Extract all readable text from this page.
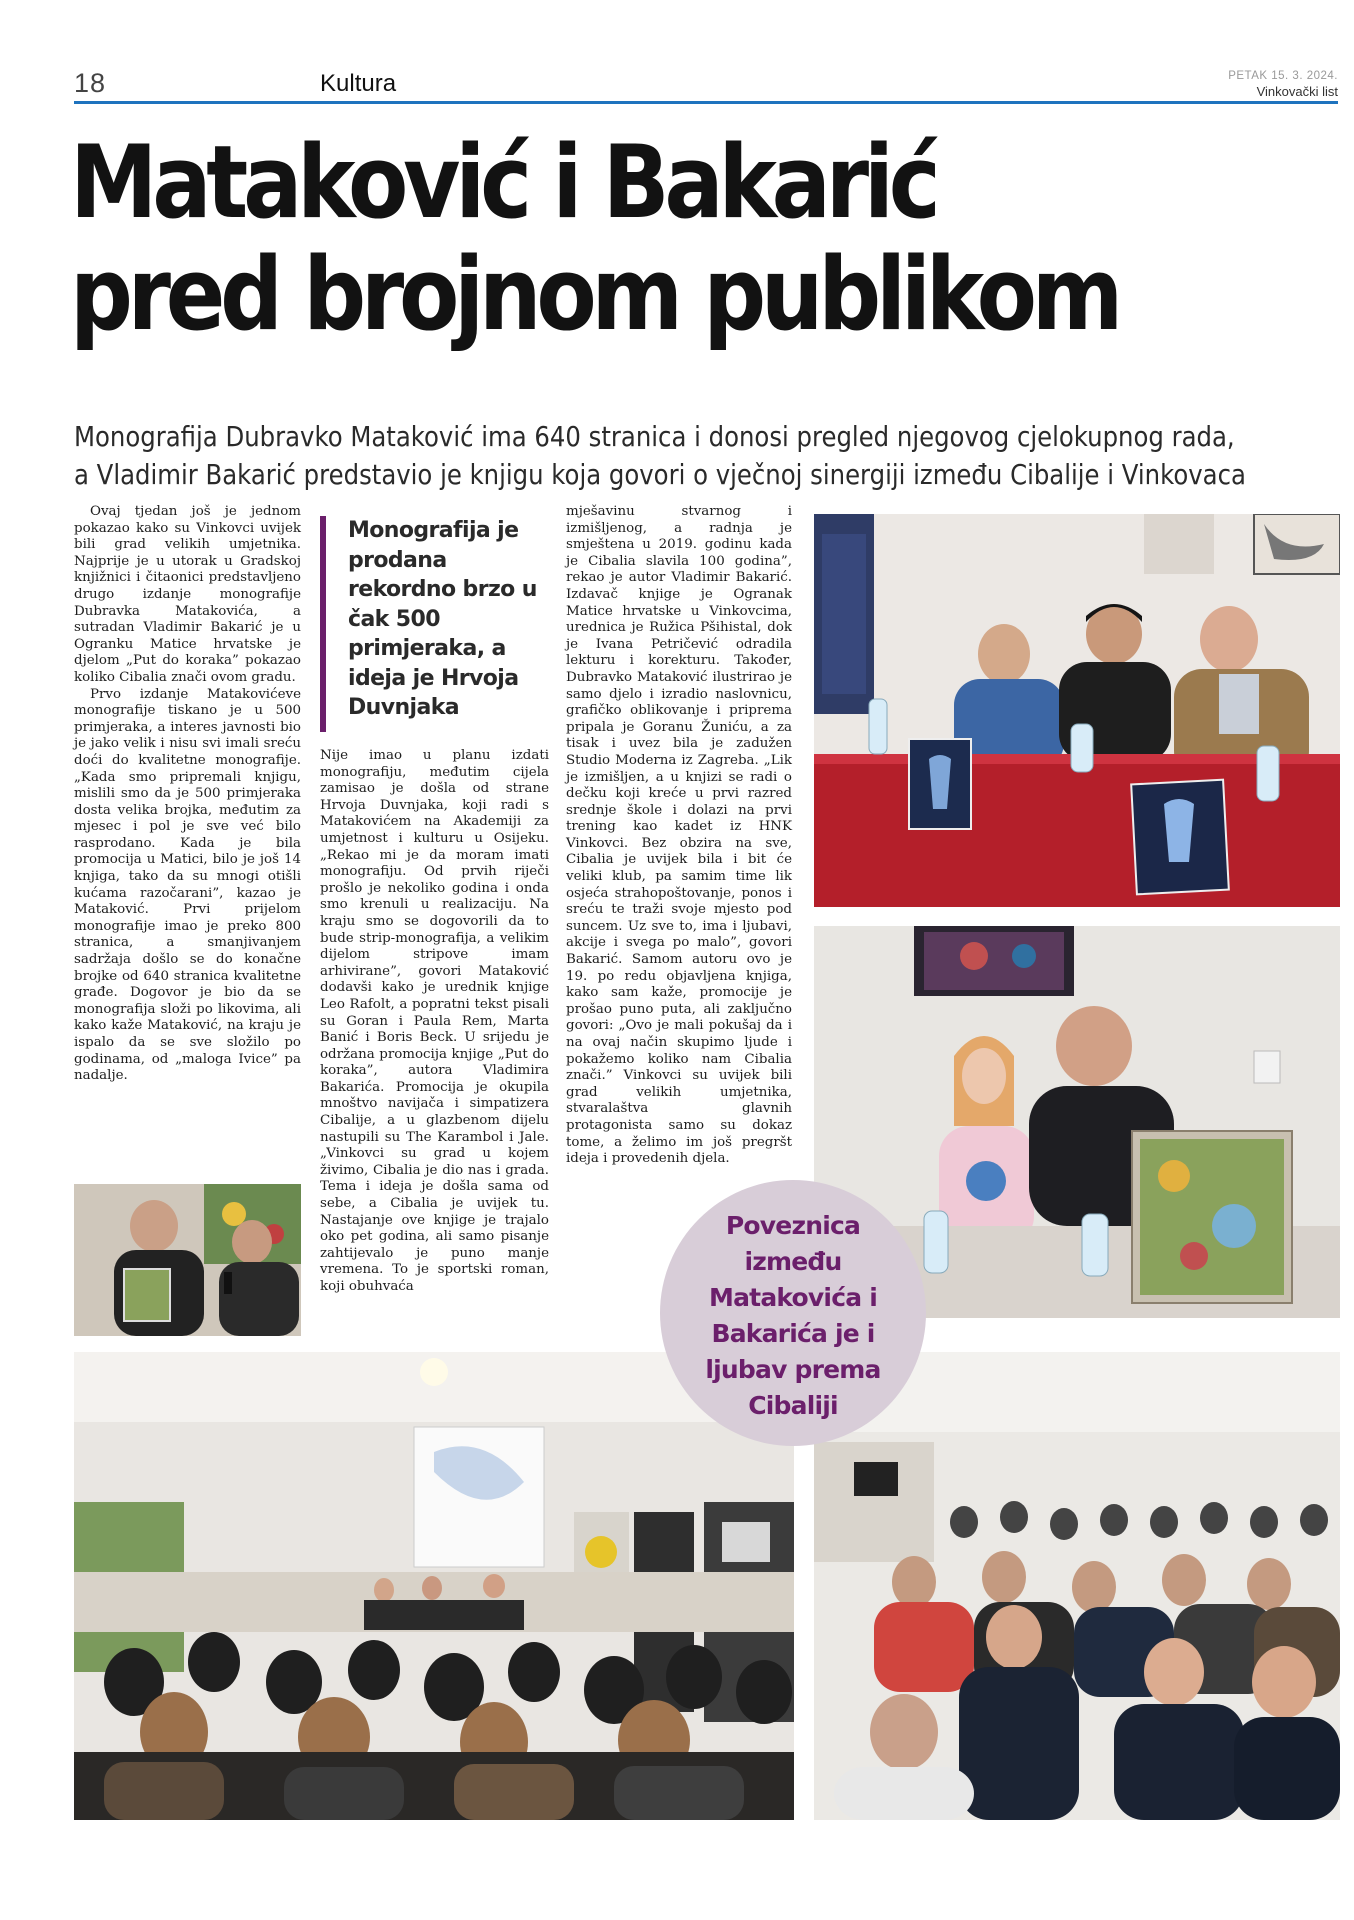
18	Kultura	PETAK 15. 3. 2024.
Vinkovački list
Mataković i Bakarić
pred brojnom publikom
Monografija Dubravko Mataković ima 640 stranica i donosi pregled njegovog cjelokupnog rada,
a Vladimir Bakarić predstavio je knjigu koja govori o vječnoj sinergiji između Cibalije i Vinkovaca

Ovaj tjedan još je jednom pokazao kako su Vinkovci uvijek bili grad velikih umjetnika. Najprije je u utorak u Gradskoj knjižnici i čitaonici predstavljeno drugo izdanje monografije Dubravka Matakovića, a sutradan Vladimir Bakarić je u Ogranku Matice hrvatske je djelom „Put do koraka” pokazao koliko Cibalia znači ovom gradu.

Prvo izdanje Matakovićeve monografije tiskano je u 500 primjeraka, a interes javnosti bio je jako velik i nisu svi imali sreću doći do kvalitetne monografije. „Kada smo pripremali knjigu, mislili smo da je 500 primjeraka dosta velika brojka, međutim za mjesec i pol je sve već bilo rasprodano. Kada je bila promocija u Matici, bilo je još 14 knjiga, tako da su mnogi otišli kućama razočarani”, kazao je Mataković. Prvi prijelom monografije imao je preko 800 stranica, a smanjivanjem sadržaja došlo se do konačne brojke od 640 stranica kvalitetne građe. Dogovor je bio da se monografija složi po likovima, ali kako kaže Mataković, na kraju je ispalo da se sve složilo po godinama, od „maloga Ivice” pa nadalje.

Monografija je prodana rekordno brzo u čak 500 primjeraka, a ideja je Hrvoja Duvnjaka

Nije imao u planu izdati monografiju, međutim cijela zamisao je došla od strane Hrvoja Duvnjaka, koji radi s Matakovićem na Akademiji za umjetnost i kulturu u Osijeku. „Rekao mi je da moram imati monografiju. Od prvih riječi prošlo je nekoliko godina i onda smo krenuli u realizaciju. Na kraju smo se dogovorili da to bude strip-monografija, a velikim dijelom stripove imam arhivirane”, govori Mataković dodavši kako je urednik knjige Leo Rafolt, a popratni tekst pisali su Goran i Paula Rem, Marta Banić i Boris Beck. U srijedu je održana promocija knjige „Put do koraka”, autora Vladimira Bakarića. Promocija je okupila mnoštvo navijača i simpatizera Cibalije, a u glazbenom dijelu nastupili su The Karambol i Jale. „Vinkovci su grad u kojem živimo, Cibalia je dio nas i grada. Tema i ideja je došla sama od sebe, a Cibalia je uvijek tu. Nastajanje ove knjige je trajalo oko pet godina, ali samo pisanje zahtijevalo je puno manje vremena. To je sportski roman, koji obuhvaća

mješavinu stvarnog i izmišljenog, a radnja je smještena u 2019. godinu kada je Cibalia slavila 100 godina”, rekao je autor Vladimir Bakarić. Izdavač knjige je Ogranak Matice hrvatske u Vinkovcima, urednica je Ružica Pšihistal, dok je Ivana Petričević odradila lekturu i korekturu. Također, Dubravko Mataković ilustrirao je samo djelo i izradio naslovnicu, grafičko oblikovanje i priprema pripala je Goranu Žuniću, a za tisak i uvez bila je zadužen Studio Moderna iz Zagreba. „Lik je izmišljen, a u knjizi se radi o dečku koji kreće u prvi razred srednje škole i dolazi na prvi trening kao kadet iz HNK Vinkovci. Bez obzira na sve, Cibalia je uvijek bila i bit će veliki klub, pa samim time lik osjeća strahopoštovanje, ponos i sreću te traži svoje mjesto pod suncem. Uz sve to, ima i ljubavi, akcije i svega po malo”, govori Bakarić. Samom autoru ovo je 19. po redu objavljena knjiga, kako sam kaže, promocije je prošao puno puta, ali zaključno govori: „Ovo je mali pokušaj da i na ovaj način skupimo ljude i pokažemo koliko nam Cibalia znači.” Vinkovci su uvijek bili grad velikih umjetnika, stvaralaštva glavnih protagonista samo su dokaz tome, a želimo im još pregršt ideja i provedenih djela.

Poveznica između Matakovića i Bakarića je i ljubav prema Cibaliji
